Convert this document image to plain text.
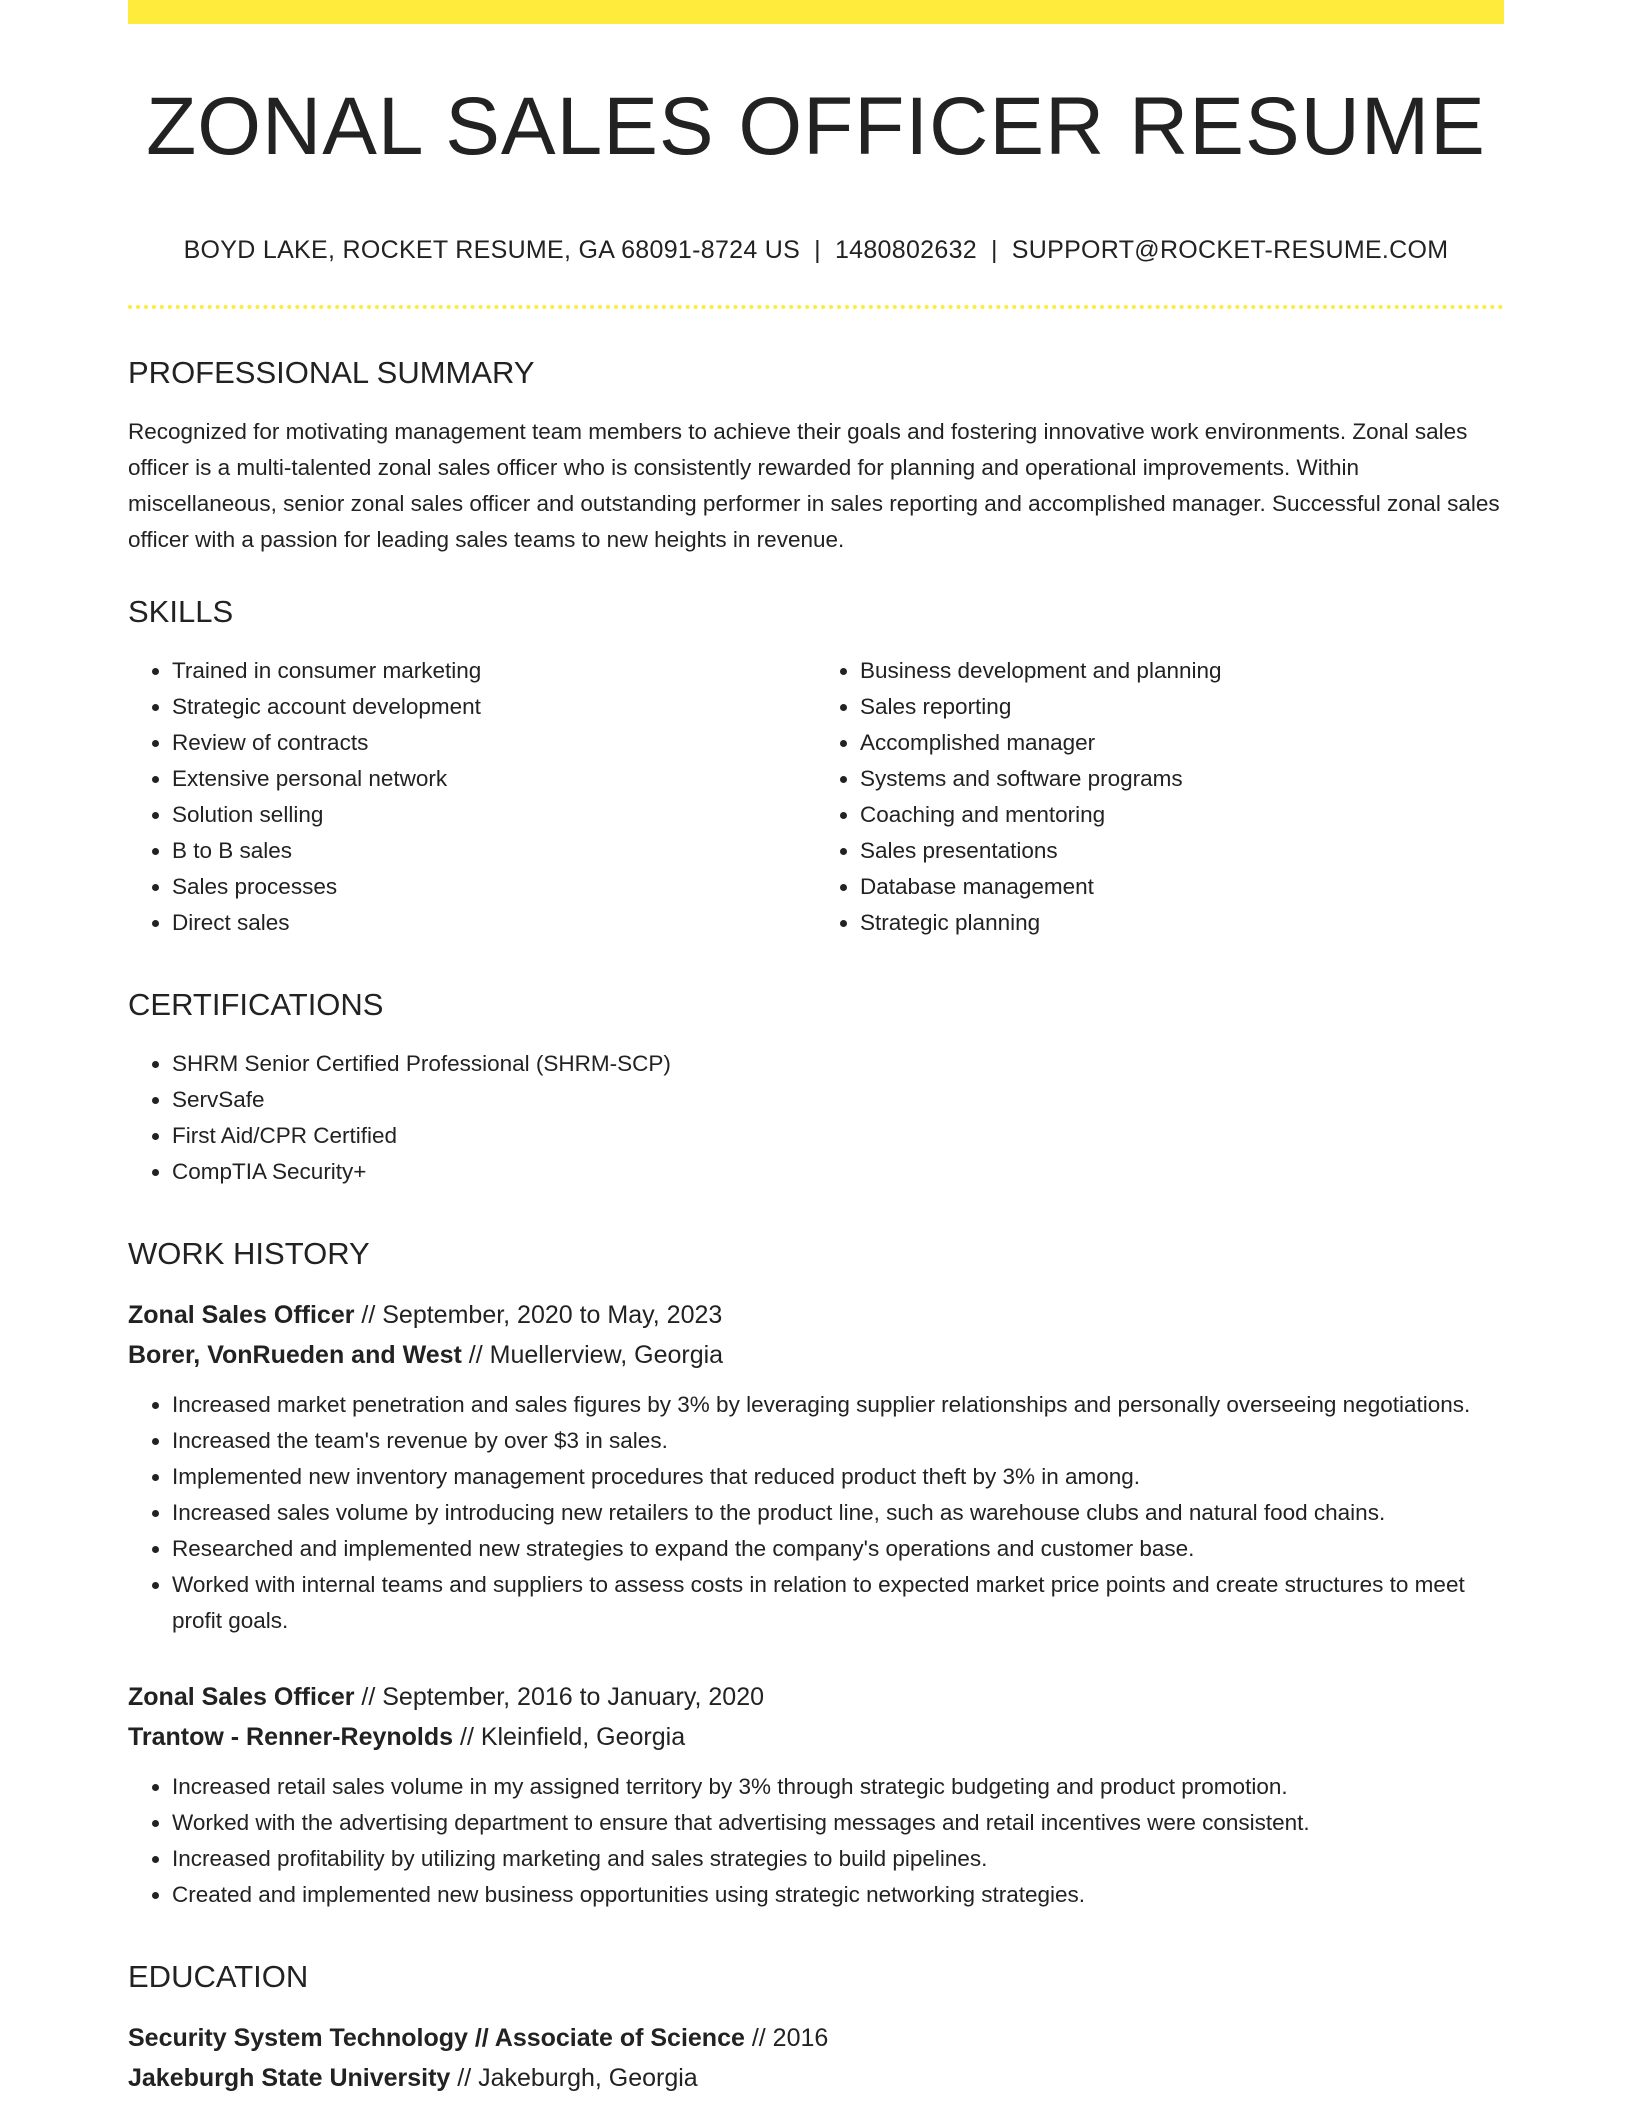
ZONAL SALES OFFICER RESUME
BOYD LAKE, ROCKET RESUME, GA 68091-8724 US | 1480802632 | SUPPORT@ROCKET-RESUME.COM
PROFESSIONAL SUMMARY

Recognized for motivating management team members to achieve their goals and fostering innovative work environments. Zonal sales officer is a multi-talented zonal sales officer who is consistently rewarded for planning and operational improvements. Within miscellaneous, senior zonal sales officer and outstanding performer in sales reporting and accomplished manager. Successful zonal sales officer with a passion for leading sales teams to new heights in revenue.

SKILLS
• Trained in consumer marketing
• Strategic account development
• Review of contracts
• Extensive personal network
• Solution selling
• B to B sales
• Sales processes
• Direct sales
• Business development and planning
• Sales reporting
• Accomplished manager
• Systems and software programs
• Coaching and mentoring
• Sales presentations
• Database management
• Strategic planning
CERTIFICATIONS
• SHRM Senior Certified Professional (SHRM-SCP)
• ServSafe
• First Aid/CPR Certified
• CompTIA Security+
WORK HISTORY
Zonal Sales Officer // September, 2020 to May, 2023
Borer, VonRueden and West // Muellerview, Georgia
• Increased market penetration and sales figures by 3% by leveraging supplier relationships and personally overseeing negotiations.
• Increased the team's revenue by over $3 in sales.
• Implemented new inventory management procedures that reduced product theft by 3% in among.
• Increased sales volume by introducing new retailers to the product line, such as warehouse clubs and natural food chains.
• Researched and implemented new strategies to expand the company's operations and customer base.
• Worked with internal teams and suppliers to assess costs in relation to expected market price points and create structures to meet profit goals.
Zonal Sales Officer // September, 2016 to January, 2020
Trantow - Renner-Reynolds // Kleinfield, Georgia
• Increased retail sales volume in my assigned territory by 3% through strategic budgeting and product promotion.
• Worked with the advertising department to ensure that advertising messages and retail incentives were consistent.
• Increased profitability by utilizing marketing and sales strategies to build pipelines.
• Created and implemented new business opportunities using strategic networking strategies.
EDUCATION
Security System Technology // Associate of Science // 2016
Jakeburgh State University // Jakeburgh, Georgia
